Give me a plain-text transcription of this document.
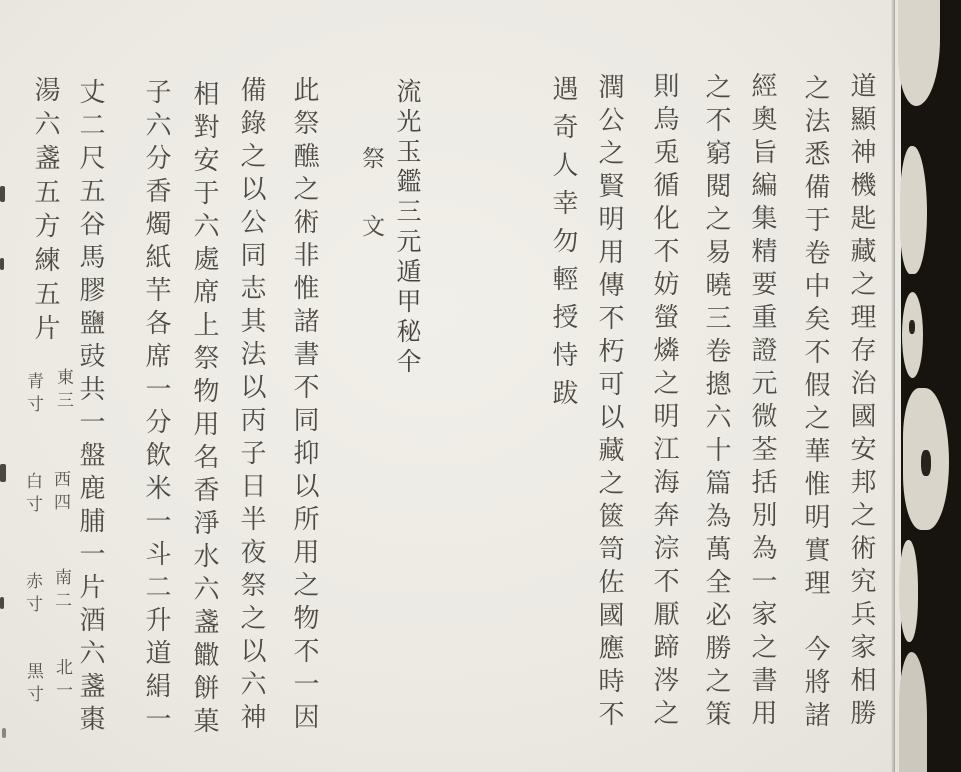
道顯神機匙藏之理存治國安邦之術究兵家相勝
之法悉備于卷中矣不假之華惟明實理　今將諸
經奧旨編集精要重證元微荃括別為一家之書用
之不窮閱之易曉三卷摠六十篇為萬全必勝之策
則烏兎循化不妨螢燐之明江海奔淙不厭蹄涔之
潤公之賢明用傳不朽可以藏之篋笥佐國應時不
遇奇人幸勿輕授恃跋
流光玉鑑三元遁甲秘仐
祭文
此祭醮之術非惟諸書不同抑以所用之物不一因
備錄之以公同志其法以丙子日半夜祭之以六神
相對安于六處席上祭物用名香淨水六盞饊餅菓
子六分香燭紙芉各席一分飲米一斗二升道絹一
丈二尺五谷馬膠鹽豉共一盤鹿脯一片酒六盞棗
湯六盞五方練五片
東三
青寸
西四
白寸
南二
赤寸
北一
黒寸
